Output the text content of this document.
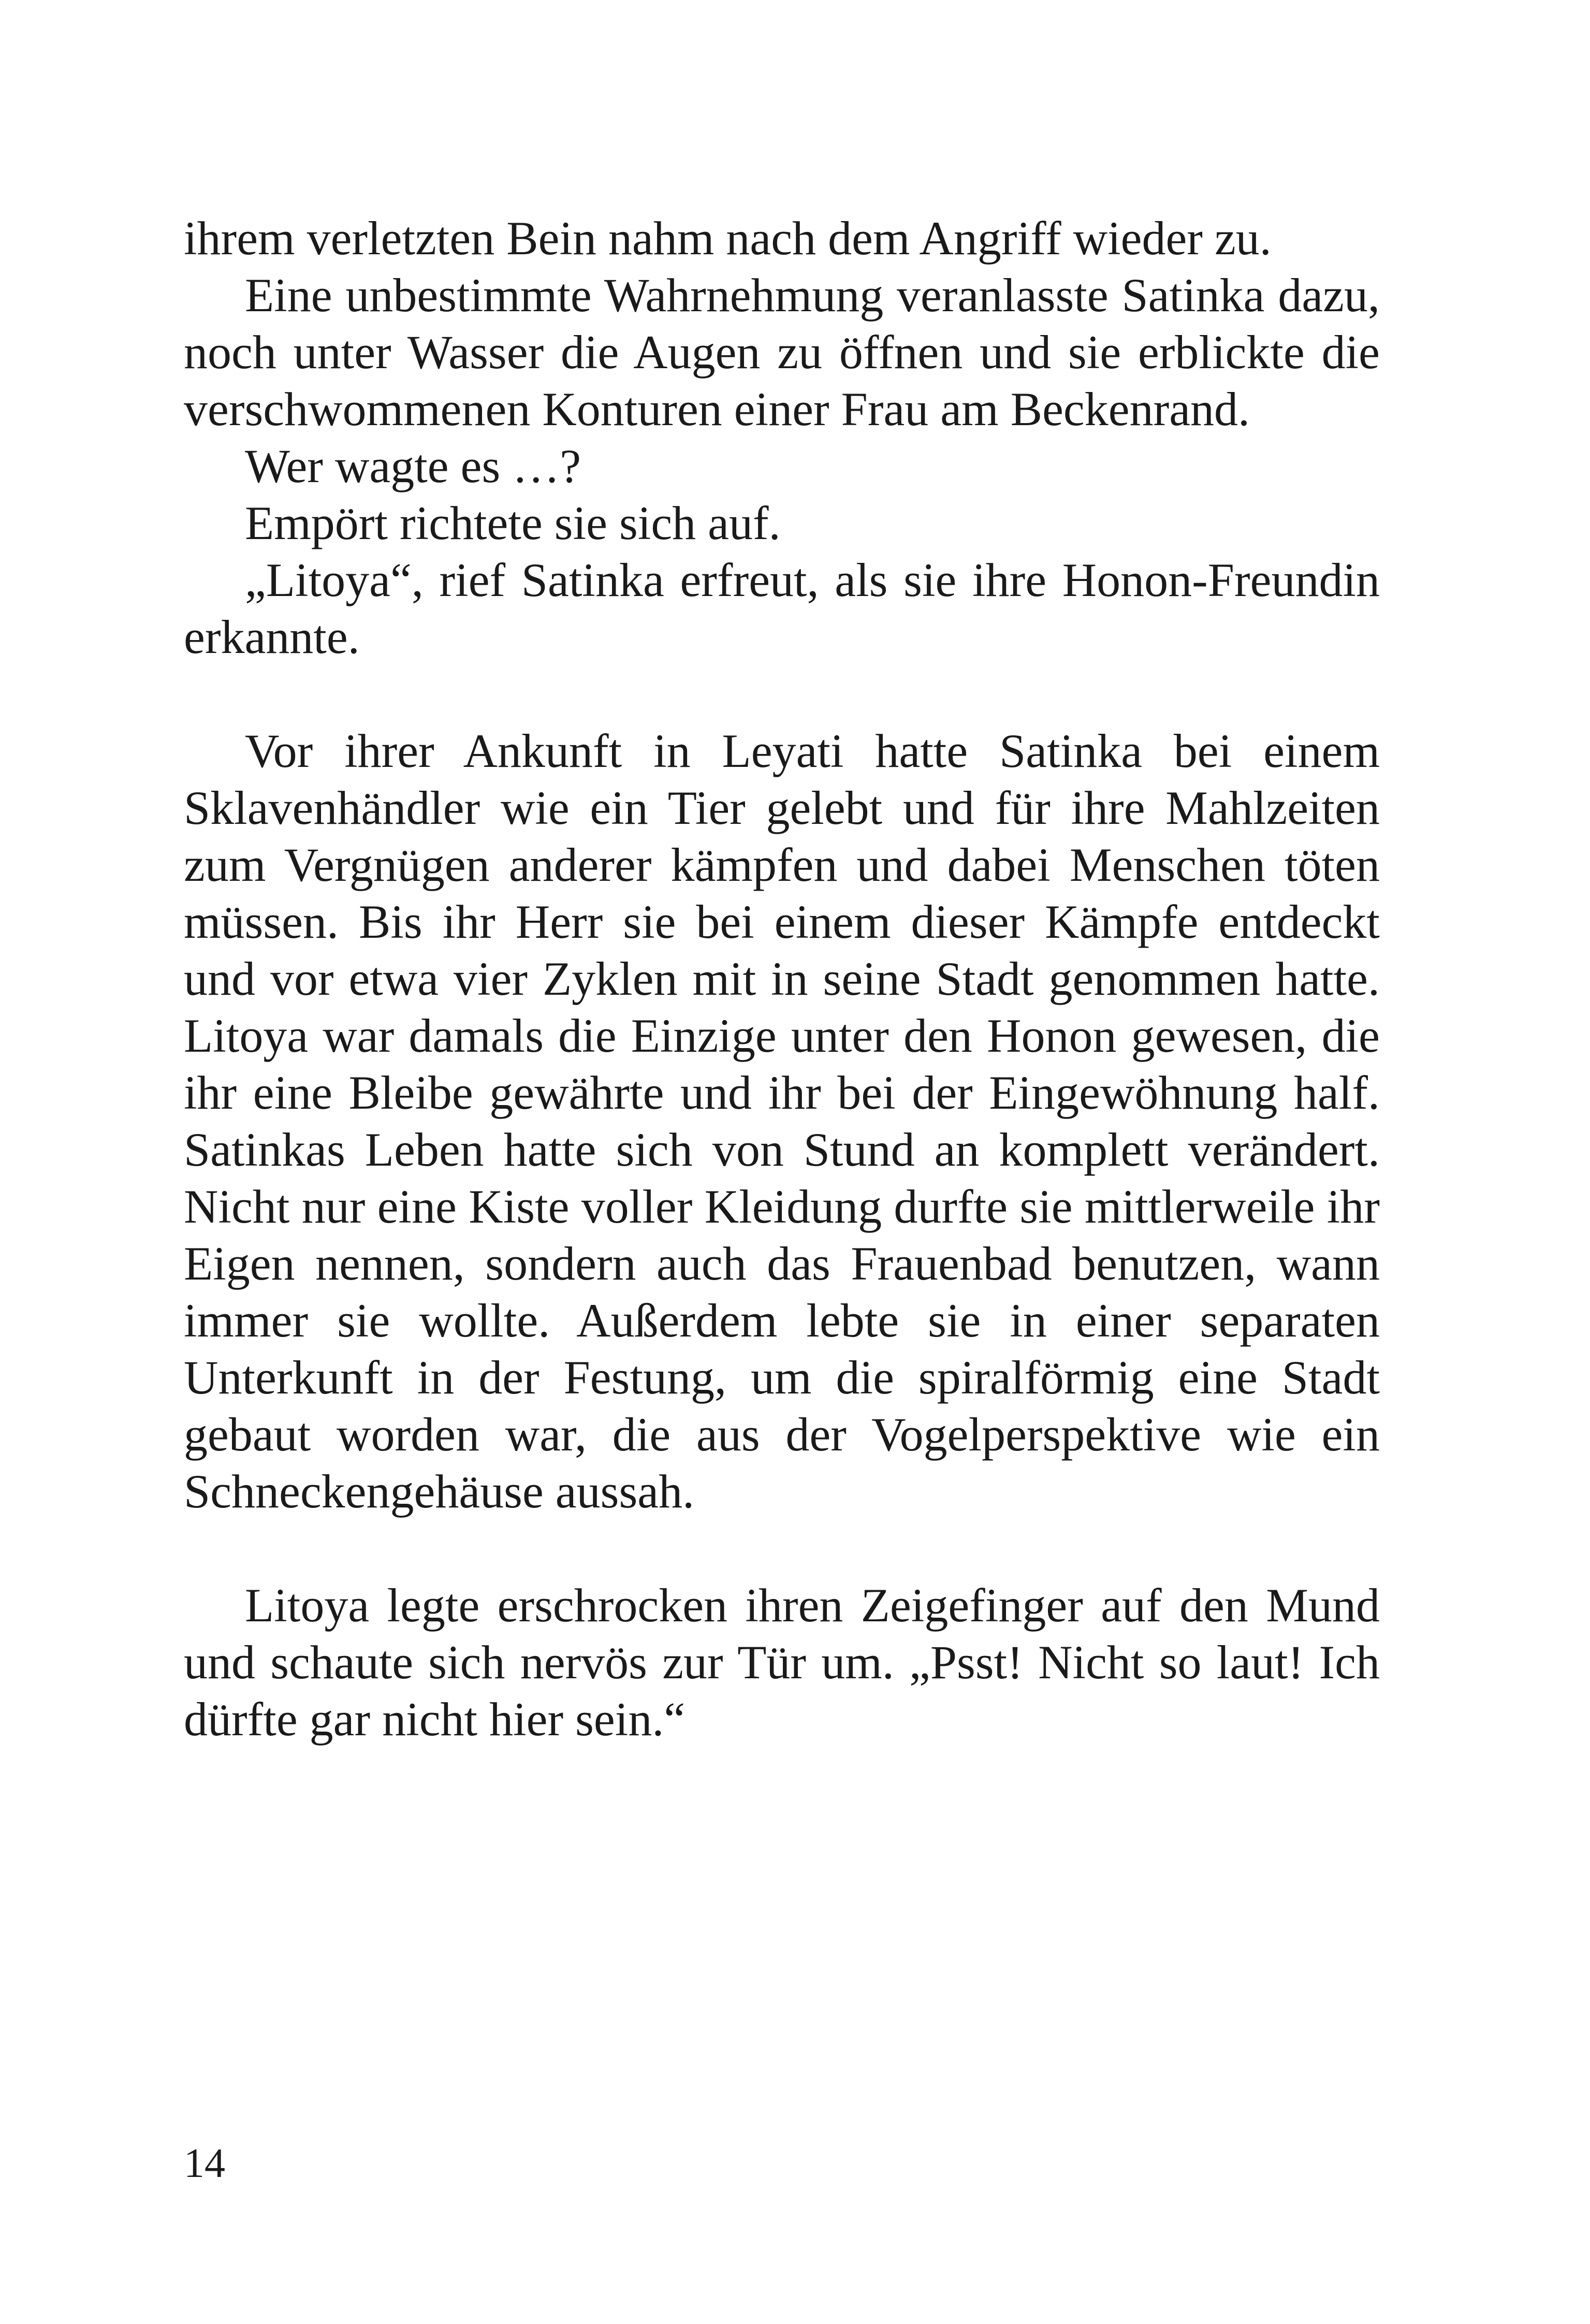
ihrem verletzten Bein nahm nach dem Angriff wieder zu.

Eine unbestimmte Wahrnehmung veranlasste Satinka dazu, noch unter Wasser die Augen zu öffnen und sie erblickte die verschwommenen Konturen einer Frau am Beckenrand.

Wer wagte es …?

Empört richtete sie sich auf.

„Litoya“, rief Satinka erfreut, als sie ihre Honon-Freundin erkannte.

Vor ihrer Ankunft in Leyati hatte Satinka bei einem Sklavenhändler wie ein Tier gelebt und für ihre Mahlzeiten zum Vergnügen anderer kämpfen und dabei Menschen töten müssen. Bis ihr Herr sie bei einem dieser Kämpfe entdeckt und vor etwa vier Zyklen mit in seine Stadt genommen hatte. Litoya war damals die Einzige unter den Honon gewesen, die ihr eine Bleibe gewährte und ihr bei der Eingewöhnung half. Satinkas Leben hatte sich von Stund an komplett verändert. Nicht nur eine Kiste voller Kleidung durfte sie mittlerweile ihr Eigen nennen, sondern auch das Frauenbad benutzen, wann immer sie wollte. Außerdem lebte sie in einer separaten Unterkunft in der Festung, um die spiralförmig eine Stadt gebaut worden war, die aus der Vogelperspektive wie ein Schneckengehäuse aussah.

Litoya legte erschrocken ihren Zeigefinger auf den Mund und schaute sich nervös zur Tür um. „Psst! Nicht so laut! Ich dürfte gar nicht hier sein.“

14
